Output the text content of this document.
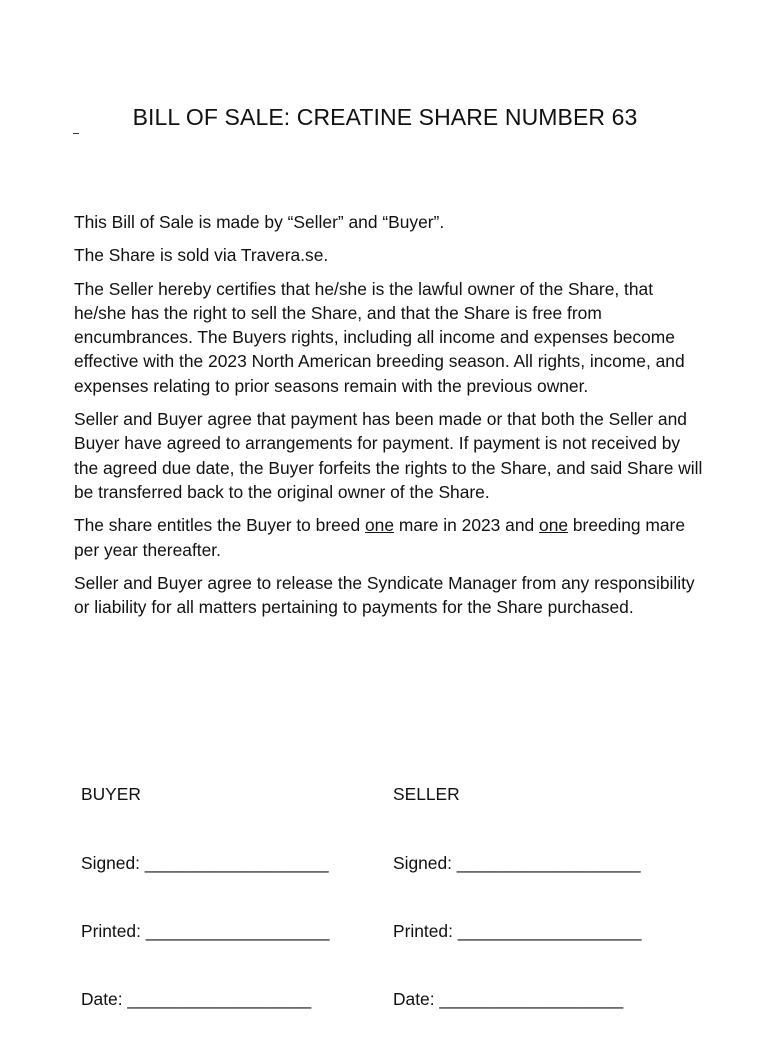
BILL OF SALE: CREATINE SHARE NUMBER 63

This Bill of Sale is made by “Seller” and “Buyer”.

The Share is sold via Travera.se.

The Seller hereby certifies that he/she is the lawful owner of the Share, that he/she has the right to sell the Share, and that the Share is free from encumbrances. The Buyers rights, including all income and expenses become effective with the 2023 North American breeding season. All rights, income, and expenses relating to prior seasons remain with the previous owner.

Seller and Buyer agree that payment has been made or that both the Seller and Buyer have agreed to arrangements for payment. If payment is not received by the agreed due date, the Buyer forfeits the rights to the Share, and said Share will be transferred back to the original owner of the Share.

The share entitles the Buyer to breed one mare in 2023 and one breeding mare per year thereafter.

Seller and Buyer agree to release the Syndicate Manager from any responsibility or liability for all matters pertaining to payments for the Share purchased.

BUYER

Signed: ___________________

Printed: ___________________

Date: ___________________

SELLER

Signed: ___________________

Printed: ___________________

Date: ___________________
